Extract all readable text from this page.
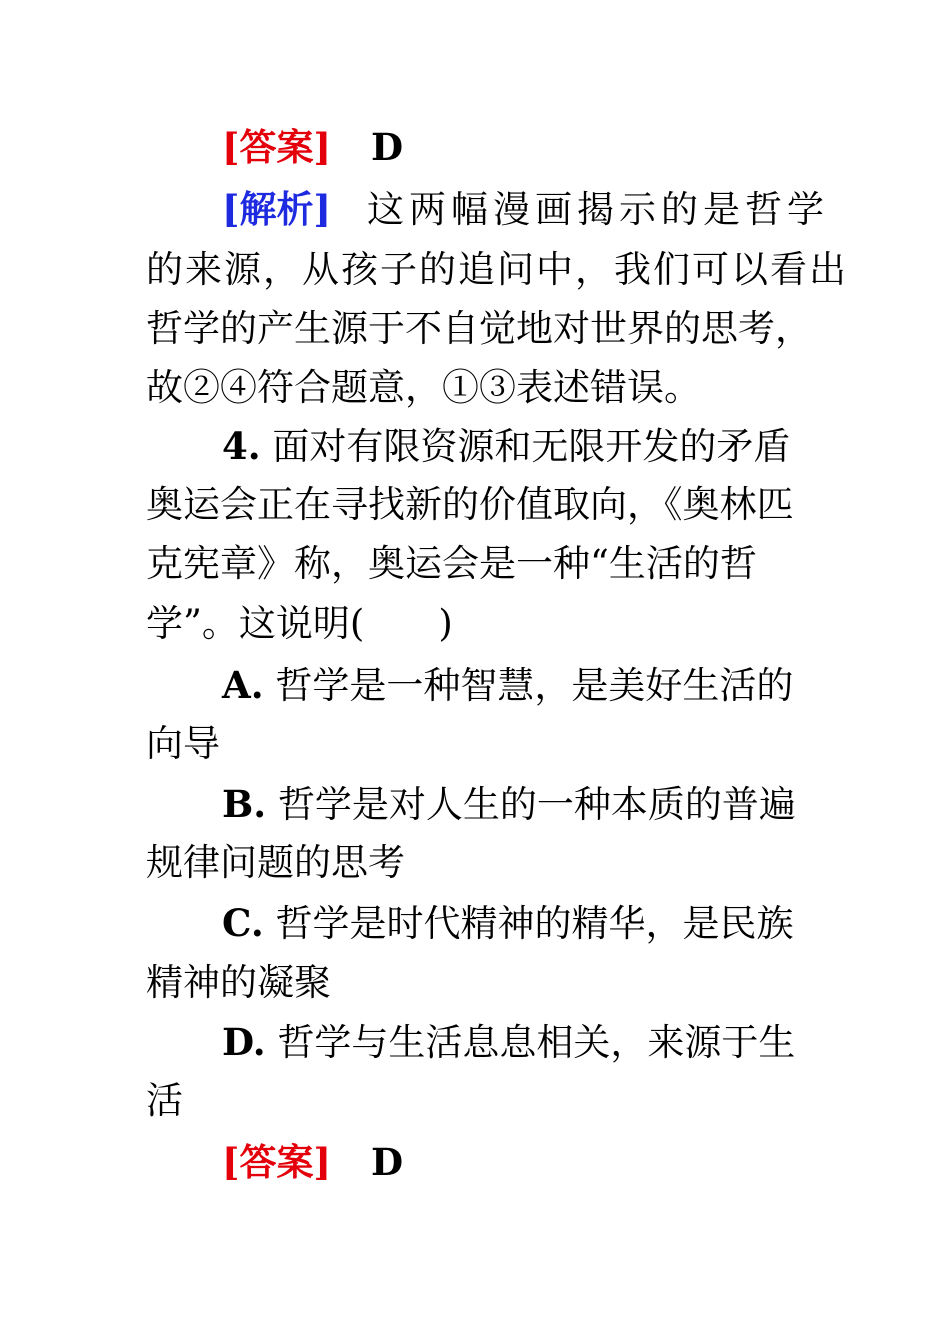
[答案] D
[解析] 这两幅漫画揭示的是哲学
的来源，从孩子的追问中，我们可以看出
哲学的产生源于不自觉地对世界的思考，
故②④符合题意，①③表述错误。
4. 面对有限资源和无限开发的矛盾
奥运会正在寻找新的价值取向，《奥林匹
克宪章》称，奥运会是一种“生活的哲
学”。这说明(　　)
A. 哲学是一种智慧，是美好生活的
向导
B. 哲学是对人生的一种本质的普遍
规律问题的思考
C. 哲学是时代精神的精华，是民族
精神的凝聚
D. 哲学与生活息息相关，来源于生
活
[答案] D
